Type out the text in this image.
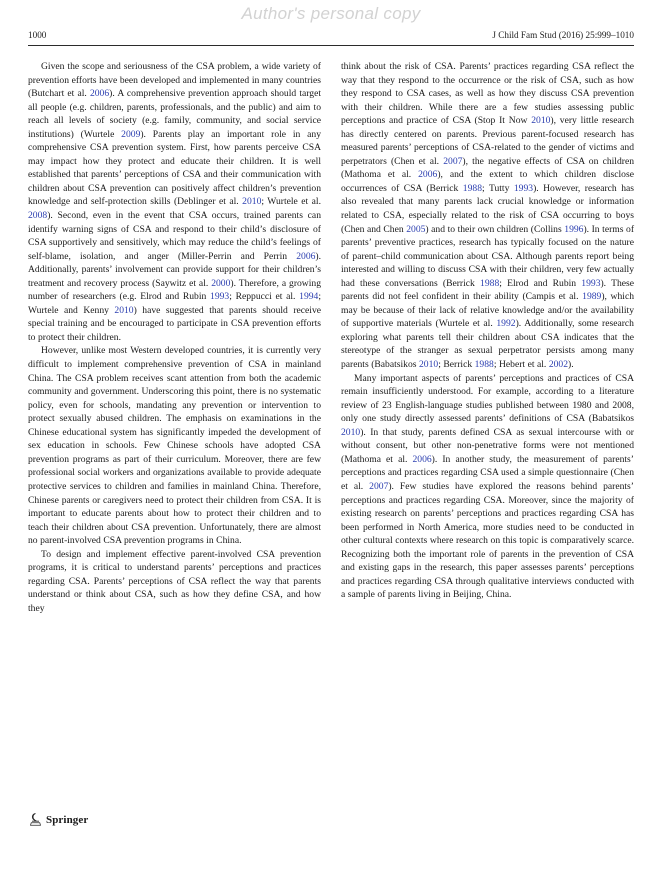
Author's personal copy
1000	J Child Fam Stud (2016) 25:999–1010

Given the scope and seriousness of the CSA problem, a wide variety of prevention efforts have been developed and implemented in many countries (Butchart et al. 2006). A comprehensive prevention approach should target all people (e.g. children, parents, professionals, and the public) and aim to reach all levels of society (e.g. family, community, and social service institutions) (Wurtele 2009). Parents play an important role in any comprehensive CSA prevention system. First, how parents perceive CSA may impact how they protect and educate their children. It is well established that parents’ perceptions of CSA and their communication with children about CSA prevention can positively affect children’s prevention knowledge and self-protection skills (Deblinger et al. 2010; Wurtele et al. 2008). Second, even in the event that CSA occurs, trained parents can identify warning signs of CSA and respond to their child’s disclosure of CSA supportively and sensitively, which may reduce the child’s feelings of self-blame, isolation, and anger (Miller-Perrin and Perrin 2006). Additionally, parents’ involvement can provide support for their children’s treatment and recovery process (Saywitz et al. 2000). Therefore, a growing number of researchers (e.g. Elrod and Rubin 1993; Reppucci et al. 1994; Wurtele and Kenny 2010) have suggested that parents should receive special training and be encouraged to participate in CSA prevention efforts to protect their children.

However, unlike most Western developed countries, it is currently very difficult to implement comprehensive prevention of CSA in mainland China. The CSA problem receives scant attention from both the academic community and government. Underscoring this point, there is no systematic policy, even for schools, mandating any prevention or intervention to protect sexually abused children. The emphasis on examinations in the Chinese educational system has significantly impeded the development of sex education in schools. Few Chinese schools have adopted CSA prevention programs as part of their curriculum. Moreover, there are few professional social workers and organizations available to provide adequate protective services to children and families in mainland China. Therefore, Chinese parents or caregivers need to protect their children from CSA. It is important to educate parents about how to protect their children and to teach their children about CSA prevention. Unfortunately, there are almost no parent-involved CSA prevention programs in China.

To design and implement effective parent-involved CSA prevention programs, it is critical to understand parents’ perceptions and practices regarding CSA. Parents’ perceptions of CSA reflect the way that parents understand or think about CSA, such as how they define CSA, and how they

think about the risk of CSA. Parents’ practices regarding CSA reflect the way that they respond to the occurrence or the risk of CSA, such as how they respond to CSA cases, as well as how they discuss CSA prevention with their children. While there are a few studies assessing public perceptions and practice of CSA (Stop It Now 2010), very little research has directly centered on parents. Previous parent-focused research has measured parents’ perceptions of CSA-related to the gender of victims and perpetrators (Chen et al. 2007), the negative effects of CSA on children (Mathoma et al. 2006), and the extent to which children disclose occurrences of CSA (Berrick 1988; Tutty 1993). However, research has also revealed that many parents lack crucial knowledge or information related to CSA, especially related to the risk of CSA occurring to boys (Chen and Chen 2005) and to their own children (Collins 1996). In terms of parents’ preventive practices, research has typically focused on the nature of parent–child communication about CSA. Although parents report being interested and willing to discuss CSA with their children, very few actually had these conversations (Berrick 1988; Elrod and Rubin 1993). These parents did not feel confident in their ability (Campis et al. 1989), which may be because of their lack of relative knowledge and/or the availability of supportive materials (Wurtele et al. 1992). Additionally, some research exploring what parents tell their children about CSA indicates that the stereotype of the stranger as sexual perpetrator persists among many parents (Babatsikos 2010; Berrick 1988; Hebert et al. 2002).

Many important aspects of parents’ perceptions and practices of CSA remain insufficiently understood. For example, according to a literature review of 23 English-language studies published between 1980 and 2008, only one study directly assessed parents’ definitions of CSA (Babatsikos 2010). In that study, parents defined CSA as sexual intercourse with or without consent, but other non-penetrative forms were not mentioned (Mathoma et al. 2006). In another study, the measurement of parents’ perceptions and practices regarding CSA used a simple questionnaire (Chen et al. 2007). Few studies have explored the reasons behind parents’ perceptions and practices regarding CSA. Moreover, since the majority of existing research on parents’ perceptions and practices regarding CSA has been performed in North America, more studies need to be conducted in other cultural contexts where research on this topic is comparatively scarce. Recognizing both the important role of parents in the prevention of CSA and existing gaps in the research, this paper assesses parents’ perceptions and practices regarding CSA through qualitative interviews conducted with a sample of parents living in Beijing, China.

Springer
